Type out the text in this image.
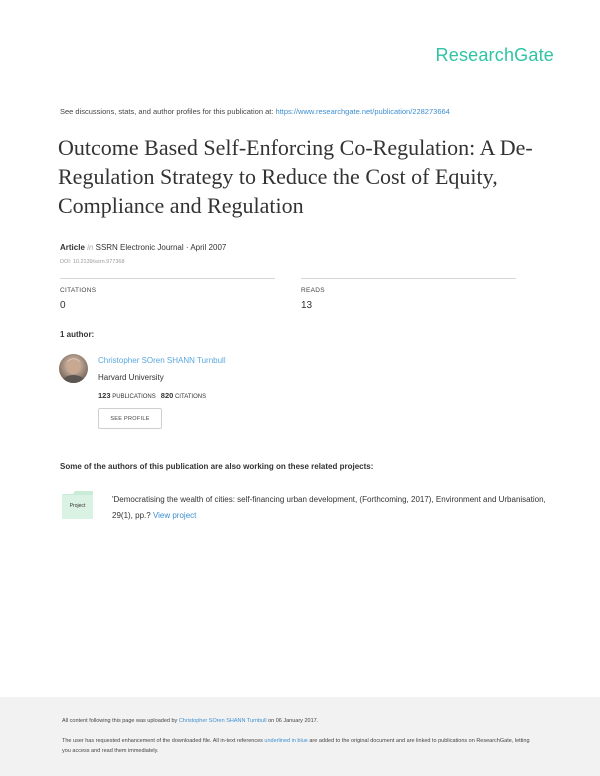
ResearchGate
See discussions, stats, and author profiles for this publication at: https://www.researchgate.net/publication/228273664
Outcome Based Self-Enforcing Co-Regulation: A De-Regulation Strategy to Reduce the Cost of Equity, Compliance and Regulation
Article in SSRN Electronic Journal · April 2007
DOI: 10.2139/ssrn.977368
CITATIONS
0
READS
13
1 author:
Christopher SOren SHANN Turnbull
Harvard University
123 PUBLICATIONS 820 CITATIONS
SEE PROFILE
Some of the authors of this publication are also working on these related projects:
Project
'Democratising the wealth of cities: self-financing urban development, (Forthcoming, 2017), Environment and Urbanisation, 29(1), pp.? View project
All content following this page was uploaded by Christopher SOren SHANN Turnbull on 06 January 2017.
The user has requested enhancement of the downloaded file. All in-text references underlined in blue are added to the original document and are linked to publications on ResearchGate, letting you access and read them immediately.
